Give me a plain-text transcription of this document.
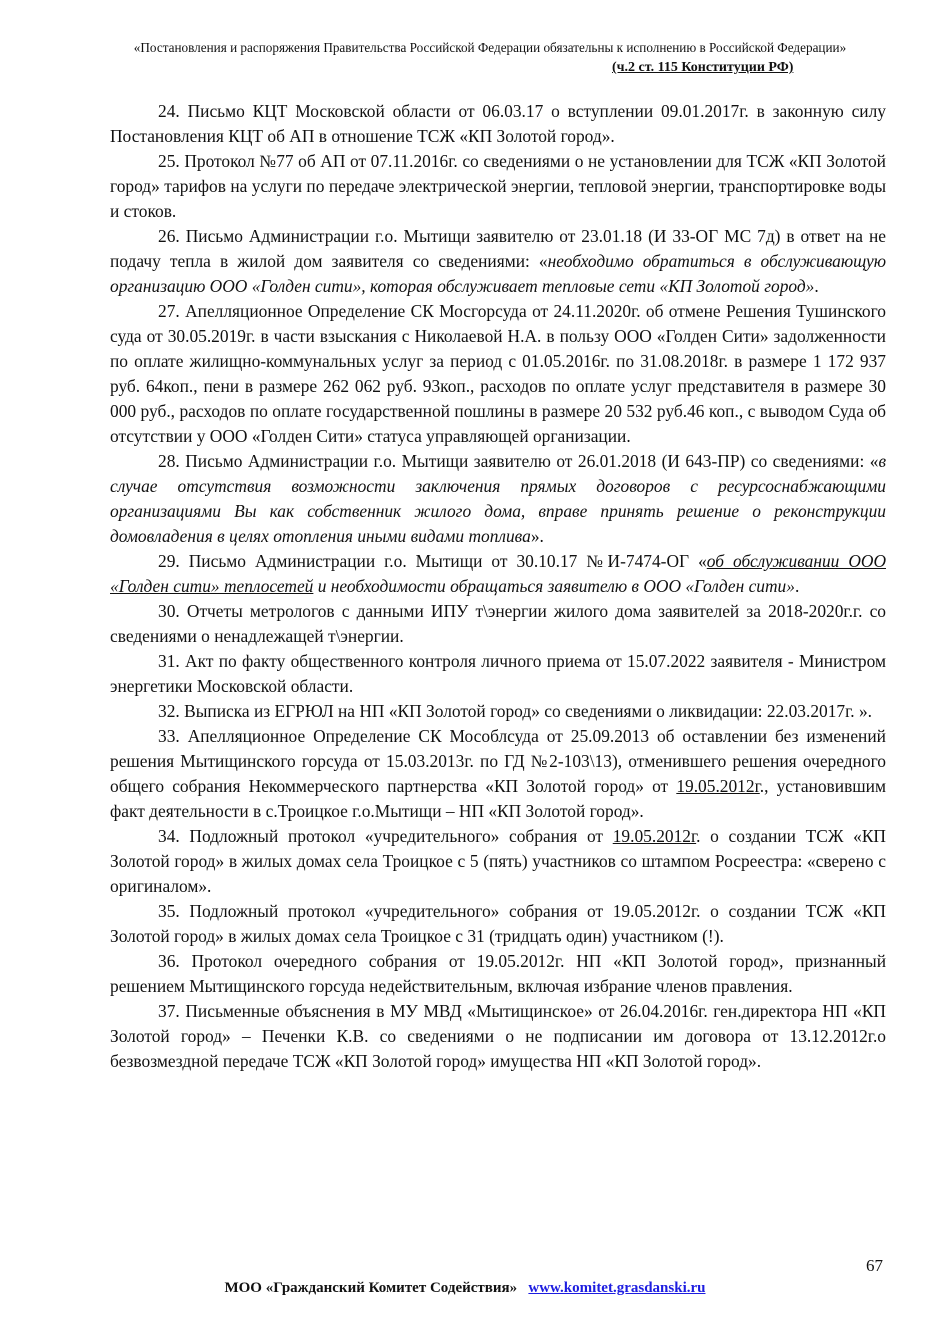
«Постановления и распоряжения Правительства Российской Федерации обязательны к исполнению в Российской Федерации»
(ч.2 ст. 115 Конституции РФ)

24. Письмо КЦТ Московской области от 06.03.17 о вступлении 09.01.2017г. в законную силу Постановления КЦТ об АП в отношение ТСЖ «КП Золотой город».

25. Протокол №77 об АП от 07.11.2016г. со сведениями о не установлении для ТСЖ «КП Золотой город» тарифов на услуги по передаче электрической энергии, тепловой энергии, транспортировке воды и стоков.

26. Письмо Администрации г.о. Мытищи заявителю от 23.01.18 (И 33-ОГ МС 7д) в ответ на не подачу тепла в жилой дом заявителя со сведениями: «необходимо обратиться в обслуживающую организацию ООО «Голден сити», которая обслуживает тепловые сети «КП Золотой город».

27. Апелляционное Определение СК Мосгорсуда от 24.11.2020г. об отмене Решения Тушинского суда от 30.05.2019г. в части взыскания с Николаевой Н.А. в пользу ООО «Голден Сити» задолженности по оплате жилищно-коммунальных услуг за период с 01.05.2016г. по 31.08.2018г. в размере 1 172 937 руб. 64коп., пени в размере 262 062 руб. 93коп., расходов по оплате услуг представителя в размере 30 000 руб., расходов по оплате государственной пошлины в размере 20 532 руб.46 коп., с выводом Суда об отсутствии у ООО «Голден Сити» статуса управляющей организации.

28. Письмо Администрации г.о. Мытищи заявителю от 26.01.2018 (И 643-ПР) со сведениями: «в случае отсутствия возможности заключения прямых договоров с ресурсоснабжающими организациями Вы как собственник жилого дома, вправе принять решение о реконструкции домовладения в целях отопления иными видами топлива».

29. Письмо Администрации г.о. Мытищи от 30.10.17 №И-7474-ОГ «об обслуживании ООО «Голден сити» теплосетей и необходимости обращаться заявителю в ООО «Голден сити».

30. Отчеты метрологов с данными ИПУ т\энергии жилого дома заявителей за 2018-2020г.г. со сведениями о ненадлежащей т\энергии.

31. Акт по факту общественного контроля личного приема от 15.07.2022 заявителя - Министром энергетики Московской области.

32. Выписка из ЕГРЮЛ на НП «КП Золотой город» со сведениями о ликвидации: 22.03.2017г. ».

33. Апелляционное Определение СК Мособлсуда от 25.09.2013 об оставлении без изменений решения Мытищинского горсуда от 15.03.2013г. по ГД №2-103\13), отменившего решения очередного общего собрания Некоммерческого партнерства «КП Золотой город» от 19.05.2012г., установившим факт деятельности в с.Троицкое г.о.Мытищи – НП «КП Золотой город».

34. Подложный протокол «учредительного» собрания от 19.05.2012г. о создании ТСЖ «КП Золотой город» в жилых домах села Троицкое с 5 (пять) участников со штампом Росреестра: «сверено с оригиналом».

35. Подложный протокол «учредительного» собрания от 19.05.2012г. о создании ТСЖ «КП Золотой город» в жилых домах села Троицкое с 31 (тридцать один) участником (!).

36. Протокол очередного собрания от 19.05.2012г. НП «КП Золотой город», признанный решением Мытищинского горсуда недействительным, включая избрание членов правления.

37. Письменные объяснения в МУ МВД «Мытищинское» от 26.04.2016г. ген.директора НП «КП Золотой город» – Печенки К.В. со сведениями о не подписании им договора от 13.12.2012г.о безвозмездной передаче ТСЖ «КП Золотой город» имущества НП «КП Золотой город».

67
МОО «Гражданский Комитет Содействия» www.komitet.grasdanski.ru
